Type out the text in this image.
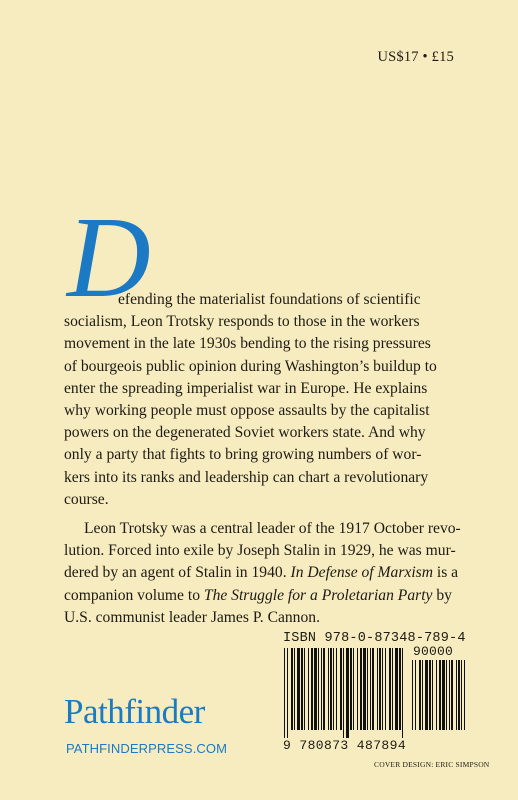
US$17 • £15
D

efending the materialist foundations of scientific
socialism, Leon Trotsky responds to those in the workers
movement in the late 1930s bending to the rising pressures
of bourgeois public opinion during Washington’s buildup to
enter the spreading imperialist war in Europe. He explains
why working people must oppose assaults by the capitalist
powers on the degenerated Soviet workers state. And why
only a party that fights to bring growing numbers of wor-
kers into its ranks and leadership can chart a revolutionary
course.

Leon Trotsky was a central leader of the 1917 October revo-
lution. Forced into exile by Joseph Stalin in 1929, he was mur-
dered by an agent of Stalin in 1940. In Defense of Marxism is a
companion volume to The Struggle for a Proletarian Party by
U.S. communist leader James P. Cannon.

Pathfinder
PATHFINDERPRESS.COM
ISBN 978-0-87348-789-4
90000
9 780873 487894
COVER DESIGN: ERIC SIMPSON
